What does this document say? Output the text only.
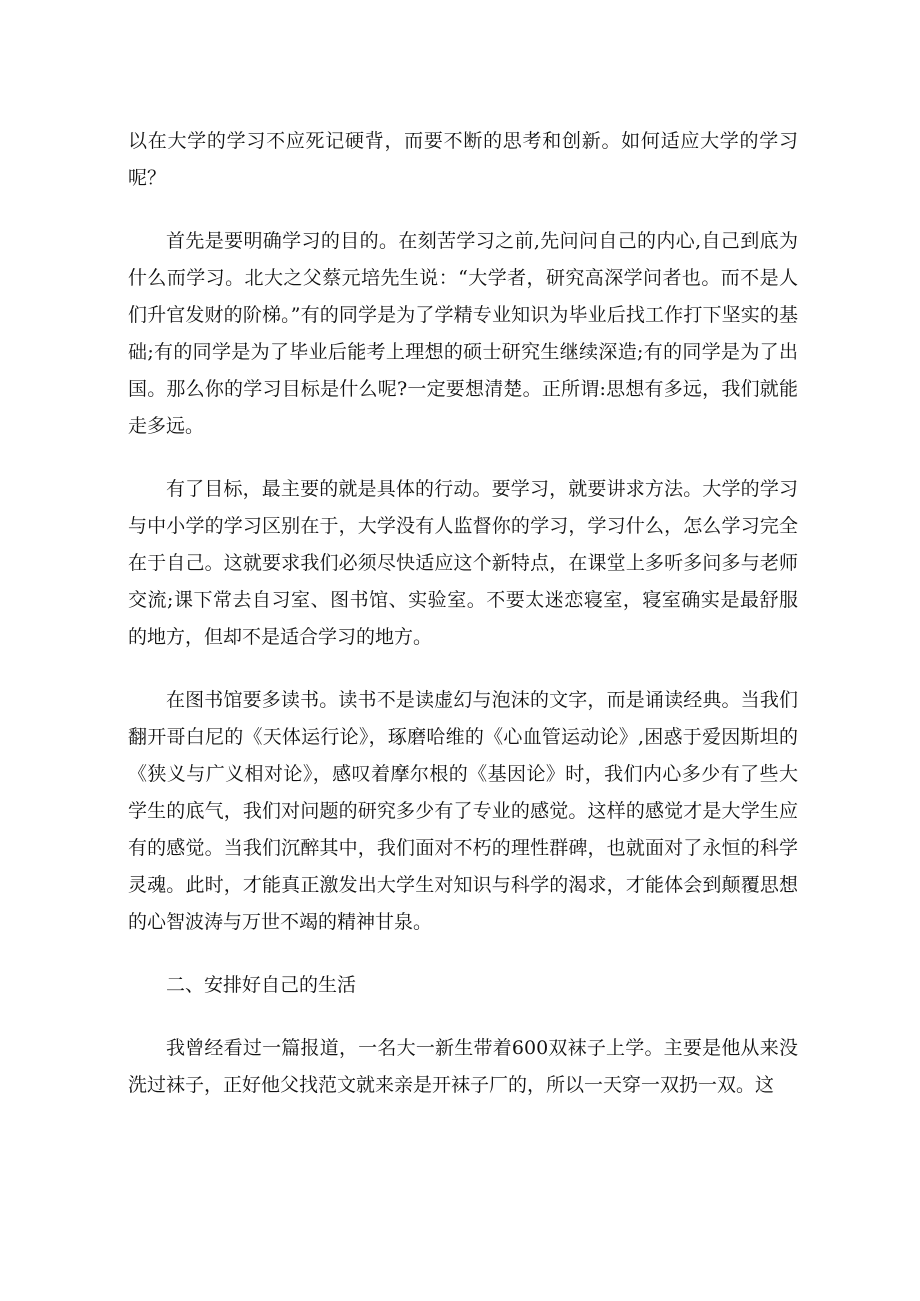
以在大学的学习不应死记硬背，而要不断的思考和创新。如何适应大学的学习呢？

首先是要明确学习的目的。在刻苦学习之前,先问问自己的内心,自己到底为什么而学习。北大之父蔡元培先生说：“大学者，研究高深学问者也。而不是人们升官发财的阶梯。”有的同学是为了学精专业知识为毕业后找工作打下坚实的基础;有的同学是为了毕业后能考上理想的硕士研究生继续深造;有的同学是为了出国。那么你的学习目标是什么呢?一定要想清楚。正所谓:思想有多远，我们就能走多远。

有了目标，最主要的就是具体的行动。要学习，就要讲求方法。大学的学习与中小学的学习区别在于，大学没有人监督你的学习，学习什么，怎么学习完全在于自己。这就要求我们必须尽快适应这个新特点，在课堂上多听多问多与老师交流;课下常去自习室、图书馆、实验室。不要太迷恋寝室，寝室确实是最舒服的地方，但却不是适合学习的地方。

在图书馆要多读书。读书不是读虚幻与泡沫的文字，而是诵读经典。当我们翻开哥白尼的《天体运行论》，琢磨哈维的《心血管运动论》,困惑于爱因斯坦的《狭义与广义相对论》，感叹着摩尔根的《基因论》时，我们内心多少有了些大学生的底气，我们对问题的研究多少有了专业的感觉。这样的感觉才是大学生应有的感觉。当我们沉醉其中，我们面对不朽的理性群碑，也就面对了永恒的科学灵魂。此时，才能真正激发出大学生对知识与科学的渴求，才能体会到颠覆思想的心智波涛与万世不竭的精神甘泉。

二、安排好自己的生活

我曾经看过一篇报道，一名大一新生带着600双袜子上学。主要是他从来没洗过袜子，正好他父找范文就来亲是开袜子厂的，所以一天穿一双扔一双。这
